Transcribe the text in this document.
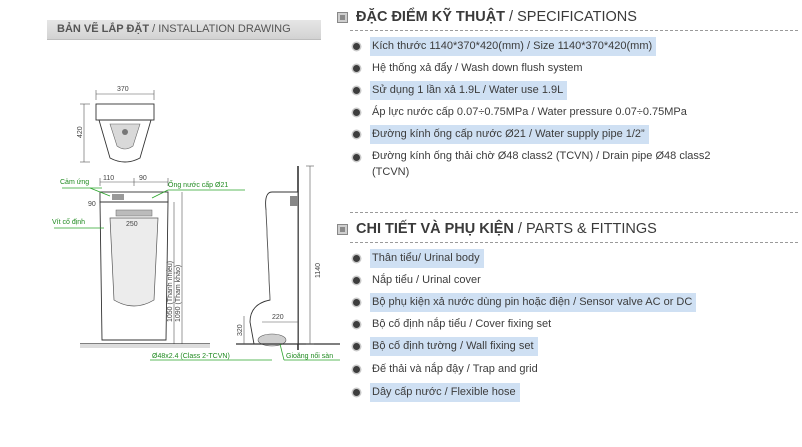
BẢN VẼ LẮP ĐẶT / INSTALLATION DRAWING
370
420
90
110
250
90
1050 (Thanh nhiều) 1090 (Tham khảo)
Cảm ứng
Vít cố định
Ống nước cấp Ø21
Ø48x2.4 (Class 2-TCVN)
1140
320
220
Gioăng nối sàn
ĐẶC ĐIỂM KỸ THUẬT / SPECIFICATIONS
Kích thước 1140*370*420(mm) / Size 1140*370*420(mm)
Hệ thống xả đẩy / Wash down flush system
Sử dụng 1 lần xả 1.9L / Water use 1.9L
Áp lực nước cấp 0.07÷0.75MPa / Water pressure 0.07÷0.75MPa
Đường kính ống cấp nước Ø21 / Water supply pipe 1/2”
Đường kính ống thải chờ Ø48 class2 (TCVN) / Drain pipe Ø48 class2 (TCVN)
CHI TIẾT VÀ PHỤ KIỆN / PARTS & FITTINGS
Thân tiểu/ Urinal body
Nắp tiểu / Urinal cover
Bộ phụ kiện xả nước dùng pin hoặc điện / Sensor valve AC or DC
Bộ cố định nắp tiểu / Cover fixing set
Bộ cố định tường / Wall fixing set
Đế thải và nắp đậy / Trap and grid
Dây cấp nước / Flexible hose
